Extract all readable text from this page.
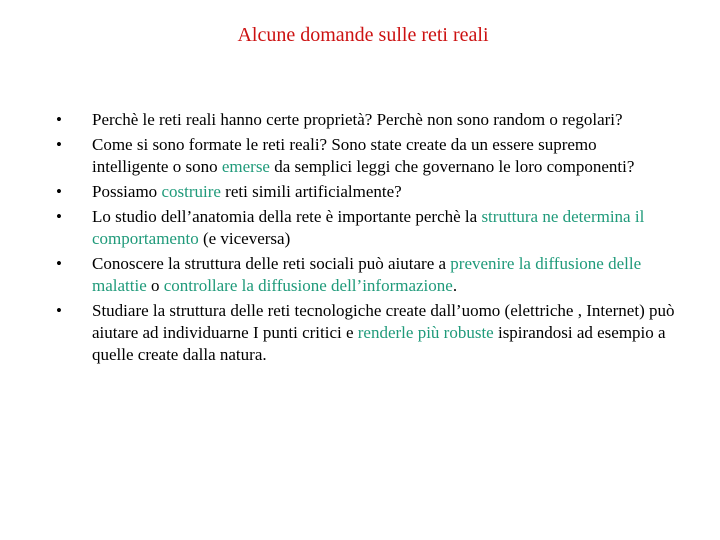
Alcune domande sulle reti reali
•	Perchè le reti reali hanno certe proprietà? Perchè non sono random o regolari?
•	Come si sono formate le reti reali? Sono state create da un essere supremo intelligente o sono emerse da semplici leggi che governano le loro componenti?
•	Possiamo costruire reti simili artificialmente?
•	Lo studio dell’anatomia della rete è importante perchè la struttura ne determina il comportamento (e viceversa)
•	Conoscere la struttura delle reti sociali può aiutare a prevenire la diffusione delle malattie o controllare la diffusione dell’informazione.
•	Studiare la struttura delle reti tecnologiche create dall’uomo (elettriche , Internet) può aiutare ad individuarne I punti critici e renderle più robuste ispirandosi ad esempio a quelle create dalla natura.
